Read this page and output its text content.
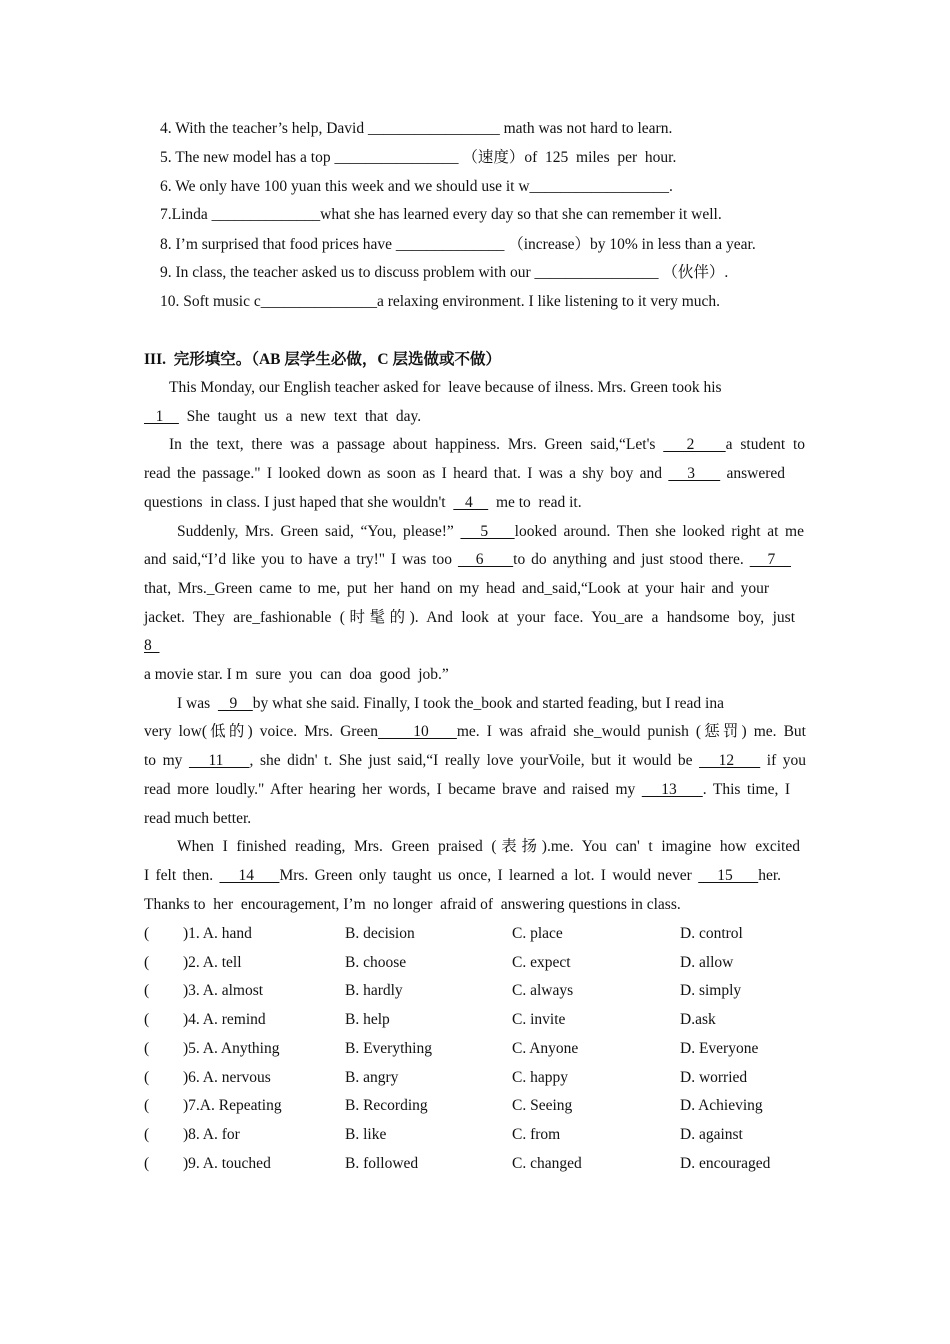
III.  完形填空。（AB 层学生必做，C 层选做或不做）
4. With the teacher’s help, David _________________ math was not hard to learn.
5. The new model has a top ________________ （速度）of  125  miles  per  hour.
6. We only have 100 yuan this week and we should use it w__________________.
7.Linda ______________what she has learned every day so that she can remember it well.
8. I’m surprised that food prices have ______________ （increase）by 10% in less than a year.
9. In class, the teacher asked us to discuss problem with our ________________ （伙伴）.
10. Soft music c_______________a relaxing environment. I like listening to it very much.
This Monday, our English teacher asked for  leave because of ilness. Mrs. Green took his
1      She  taught  us  a  new  text  that  day.
In the text, there was a passage about happiness. Mrs. Green said,“Let's    2    a student to
read the passage." I looked down as soon as I heard that. I was a shy boy and    3     answered
questions  in class. I just haped that she wouldn't     4      me to  read it.
Suddenly, Mrs. Green said, “You, please!”    5    looked around. Then she looked right at me
and said,“I’d like you to have a try!" I was too    6     to do anything and just stood there.    7
that, Mrs._Green came to me, put her hand on my head and_said,“Look at your hair and your
jacket. They are_fashionable (时髦的). And look at your face. You_are a handsome boy, just
8
a movie star. I m  sure  you  can  doa  good  job.”
I was     9    by what she said. Finally, I took the_book and started feading, but I read ina
very low(低的) voice. Mrs. Green     10    me. I was afraid she_would punish (惩罚) me. But
to my    11    , she didn' t. She just said,“I really love yourVoile, but it would be    12     if you
read more loudly." After hearing her words, I became brave and raised my    13    . This time, I
read much better.
When I finished reading, Mrs. Green praised (表扬).me. You can' t imagine how excited
I felt then.    14    Mrs. Green only taught us once, I learned a lot. I would never    15    her.
Thanks to  her  encouragement, I’m  no longer  afraid of  answering questions in class.
( )1. A. hand	B. decision	C. place	D. control
( )2. A. tell	B. choose	C. expect	D. allow
( )3. A. almost	B. hardly	C. always	D. simply
( )4. A. remind	B. help	C. invite	D.ask
( )5. A. Anything	B. Everything	C. Anyone	D. Everyone
( )6. A. nervous	B. angry	C. happy	D. worried
( )7.A. Repeating	B. Recording	C. Seeing	D. Achieving
( )8. A. for	B. like	C. from	D. against
( )9. A. touched	B. followed	C. changed	D. encouraged
